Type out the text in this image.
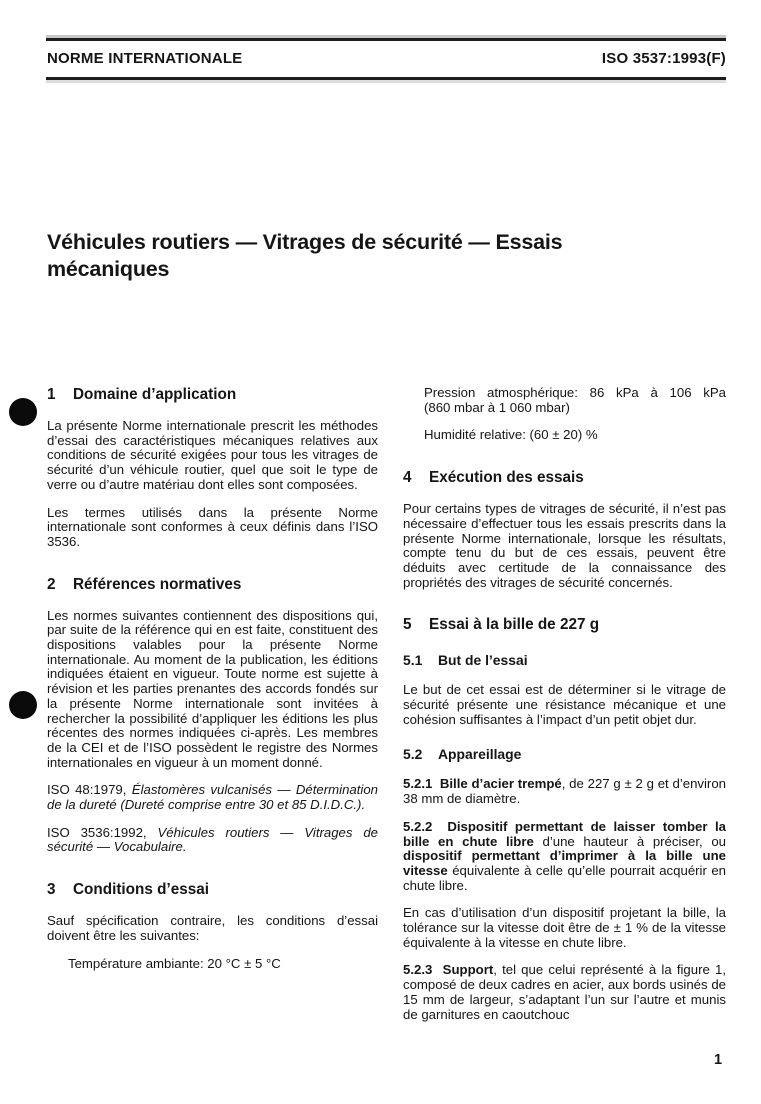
NORME INTERNATIONALE	ISO 3537:1993(F)
Véhicules routiers — Vitrages de sécurité — Essais
mécaniques
1	Domaine d’application

La présente Norme internationale prescrit les méthodes d’essai des caractéristiques mécaniques relatives aux conditions de sécurité exigées pour tous les vitrages de sécurité d’un véhicule routier, quel que soit le type de verre ou d’autre matériau dont elles sont composées.

Les termes utilisés dans la présente Norme internationale sont conformes à ceux définis dans l’ISO 3536.

2	Références normatives

Les normes suivantes contiennent des dispositions qui, par suite de la référence qui en est faite, constituent des dispositions valables pour la présente Norme internationale. Au moment de la publication, les éditions indiquées étaient en vigueur. Toute norme est sujette à révision et les parties prenantes des accords fondés sur la présente Norme internationale sont invitées à rechercher la possibilité d’appliquer les éditions les plus récentes des normes indiquées ci-après. Les membres de la CEI et de l’ISO possèdent le registre des Normes internationales en vigueur à un moment donné.

ISO 48:1979, Élastomères vulcanisés — Détermination de la dureté (Dureté comprise entre 30 et 85 D.I.D.C.).

ISO 3536:1992, Véhicules routiers — Vitrages de sécurité — Vocabulaire.

3	Conditions d’essai

Sauf spécification contraire, les conditions d’essai doivent être les suivantes:

Température ambiante: 20 °C ± 5 °C

Pression atmosphérique: 86 kPa à 106 kPa
(860 mbar à 1 060 mbar)

Humidité relative: (60 ± 20) %

4	Exécution des essais

Pour certains types de vitrages de sécurité, il n’est pas nécessaire d’effectuer tous les essais prescrits dans la présente Norme internationale, lorsque les résultats, compte tenu du but de ces essais, peuvent être déduits avec certitude de la connaissance des propriétés des vitrages de sécurité concernés.

5	Essai à la bille de 227 g
5.1	But de l’essai

Le but de cet essai est de déterminer si le vitrage de sécurité présente une résistance mécanique et une cohésion suffisantes à l’impact d’un petit objet dur.

5.2	Appareillage

5.2.1  Bille d’acier trempé, de 227 g ± 2 g et d’environ 38 mm de diamètre.

5.2.2  Dispositif permettant de laisser tomber la bille en chute libre d’une hauteur à préciser, ou dispositif permettant d’imprimer à la bille une vitesse équivalente à celle qu’elle pourrait acquérir en chute libre.

En cas d’utilisation d’un dispositif projetant la bille, la tolérance sur la vitesse doit être de ± 1 % de la vitesse équivalente à la vitesse en chute libre.

5.2.3  Support, tel que celui représenté à la figure 1, composé de deux cadres en acier, aux bords usinés de 15 mm de largeur, s’adaptant l’un sur l’autre et munis de garnitures en caoutchouc

1
